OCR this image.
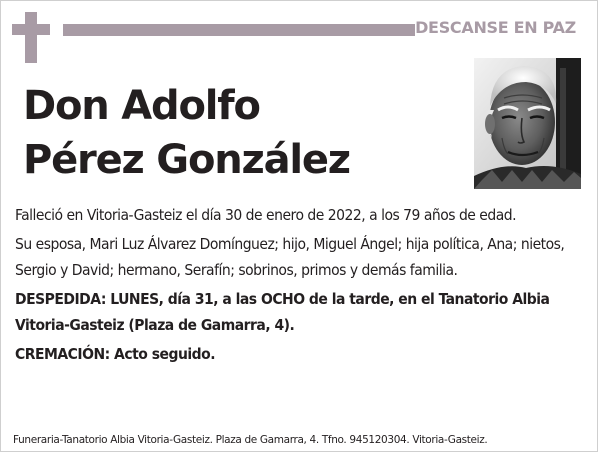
DESCANSE EN PAZ
Don Adolfo
Pérez González

Falleció en Vitoria-Gasteiz el día 30 de enero de 2022, a los 79 años de edad.

Su esposa, Mari Luz Álvarez Domínguez; hijo, Miguel Ángel; hija política, Ana; nietos, Sergio y David; hermano, Serafín; sobrinos, primos y demás familia.

DESPEDIDA: LUNES, día 31, a las OCHO de la tarde, en el Tanatorio Albia Vitoria-Gasteiz (Plaza de Gamarra, 4).

CREMACIÓN: Acto seguido.

Funeraria-Tanatorio Albia Vitoria-Gasteiz. Plaza de Gamarra, 4. Tfno. 945120304. Vitoria-Gasteiz.
